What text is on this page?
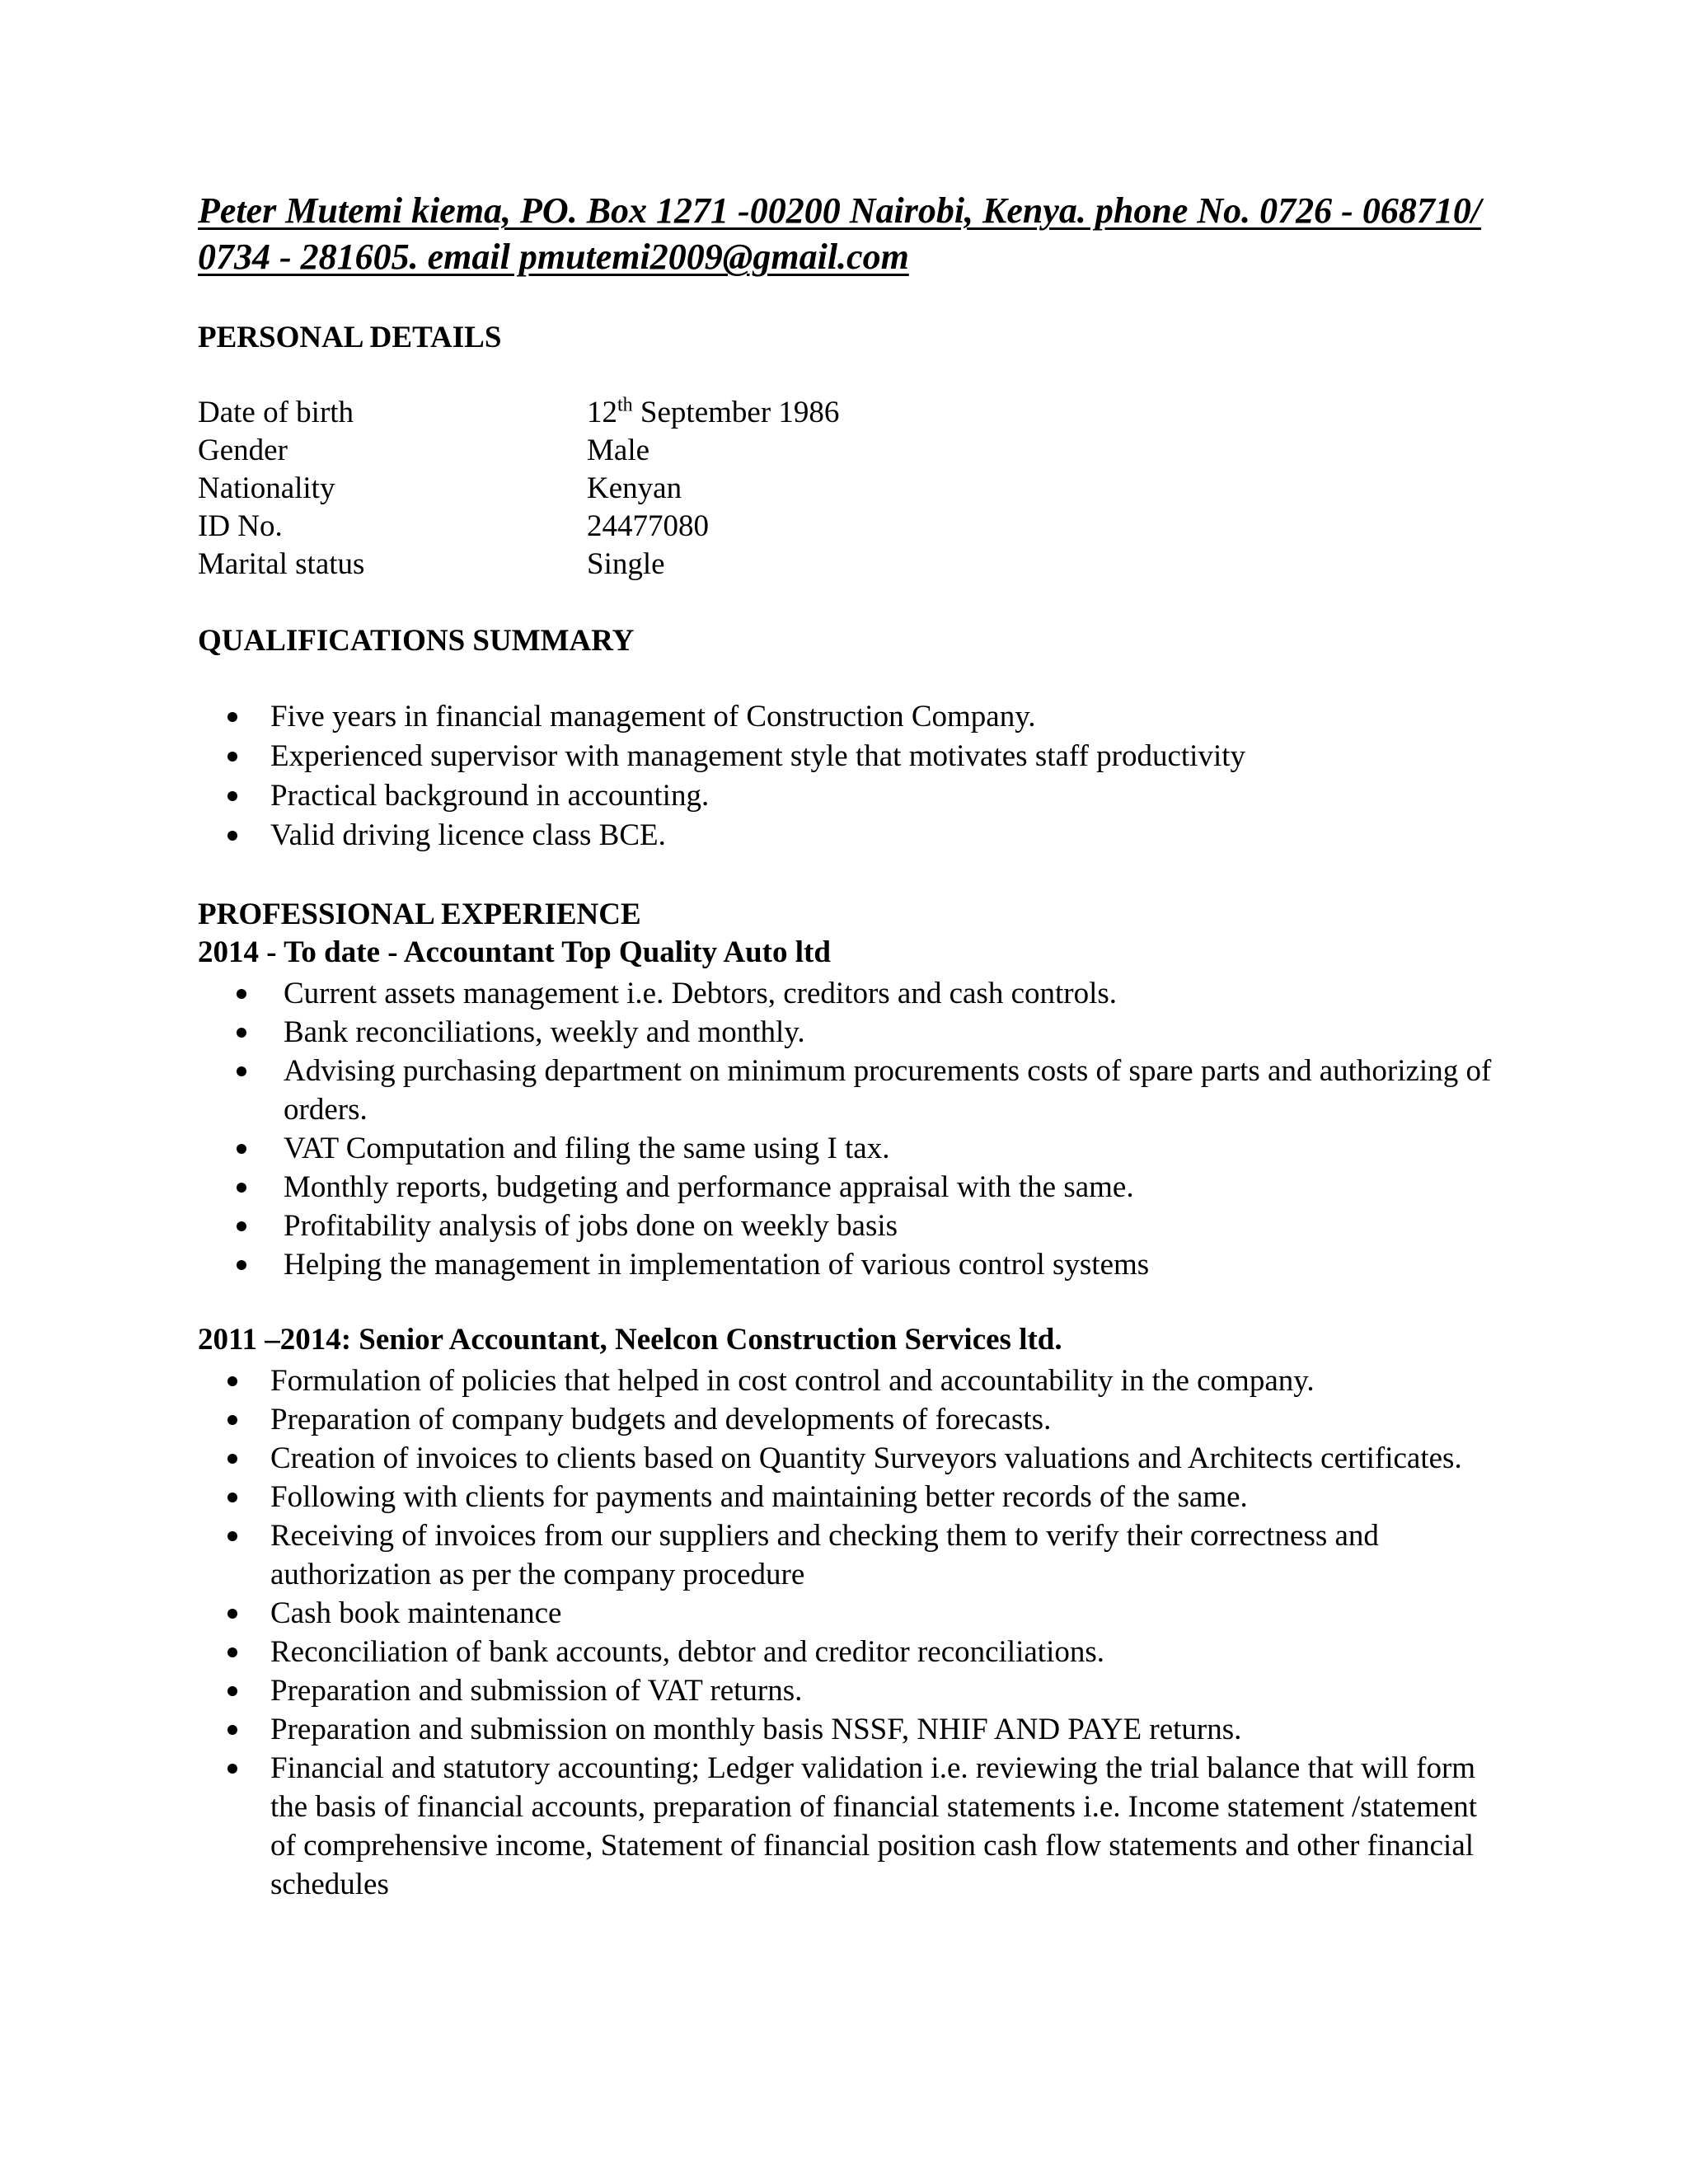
Peter Mutemi kiema, PO. Box 1271 -00200 Nairobi, Kenya. phone No. 0726 - 068710/ 0734 - 281605. email pmutemi2009@gmail.com
PERSONAL DETAILS
Date of birth	12th September 1986
Gender	Male
Nationality	Kenyan
ID No.	24477080
Marital status	Single
QUALIFICATIONS SUMMARY
Five years in financial management of Construction Company.
Experienced supervisor with management style that motivates staff productivity
Practical background in accounting.
Valid driving licence class BCE.
PROFESSIONAL EXPERIENCE
2014 - To date - Accountant Top Quality Auto ltd
Current assets management i.e. Debtors, creditors and cash controls.
Bank reconciliations, weekly and monthly.
Advising purchasing department on minimum procurements costs of spare parts and authorizing of orders.
VAT Computation and filing the same using I tax.
Monthly reports, budgeting and performance appraisal with the same.
Profitability analysis of jobs done on weekly basis
Helping the management in implementation of various control systems
2011 –2014: Senior Accountant, Neelcon Construction Services ltd.
Formulation of policies that helped in cost control and accountability in the company.
Preparation of company budgets and developments of forecasts.
Creation of invoices to clients based on Quantity Surveyors valuations and Architects certificates.
Following with clients for payments and maintaining better records of the same.
Receiving of invoices from our suppliers and checking them to verify their correctness and authorization as per the company procedure
Cash book maintenance
Reconciliation of bank accounts, debtor and creditor reconciliations.
Preparation and submission of VAT returns.
Preparation and submission on monthly basis NSSF, NHIF AND PAYE returns.
Financial and statutory accounting; Ledger validation i.e. reviewing the trial balance that will form the basis of financial accounts, preparation of financial statements i.e. Income statement /statement of comprehensive income, Statement of financial position cash flow statements and other financial schedules
